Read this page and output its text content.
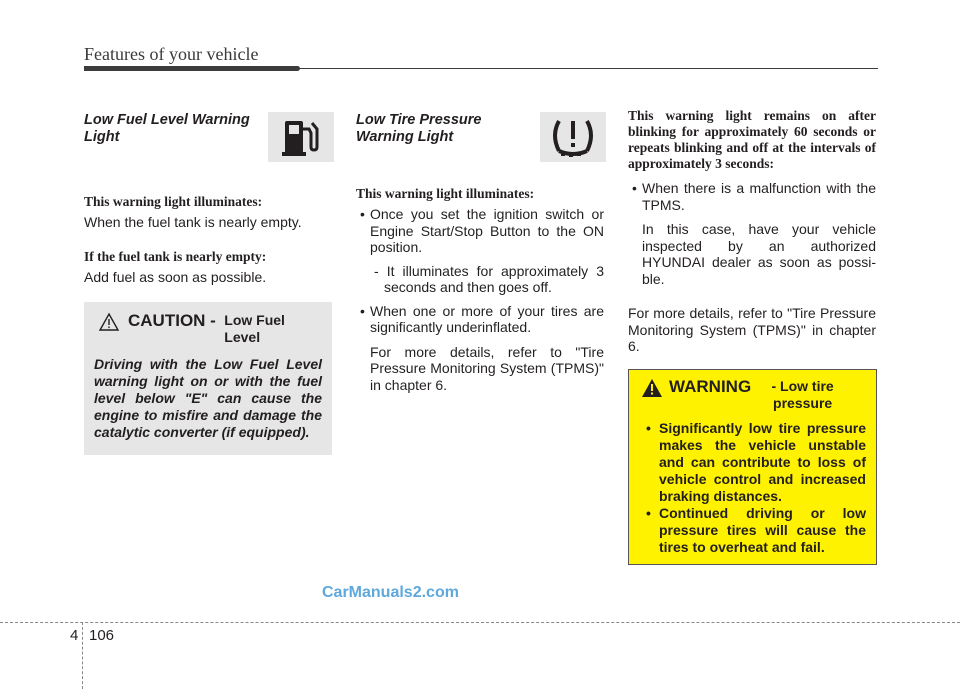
Features of your vehicle

Low Fuel Level Warning Light

This warning light illuminates:

When the fuel tank is nearly empty.

If the fuel tank is nearly empty:

Add fuel as soon as possible.

CAUTION - Low Fuel Level

Driving with the Low Fuel Level warning light on or with the fuel level below "E" can cause the engine to misfire and damage the catalytic converter (if equipped).

Low Tire Pressure Warning Light

This warning light illuminates:

• Once you set the ignition switch or Engine Start/Stop Button to the ON position.

- It illuminates for approximately 3 seconds and then goes off.

• When one or more of your tires are significantly underinflated.

For more details, refer to "Tire Pressure Monitoring System (TPMS)" in chapter 6.

This warning light remains on after blinking for approximately 60 seconds or repeats blinking and off at the intervals of approximately 3 seconds:

• When there is a malfunction with the TPMS.

In this case, have your vehicle inspected by an authorized HYUNDAI dealer as soon as possi-ble.

For more details, refer to "Tire Pressure Monitoring System (TPMS)" in chapter 6.

WARNING - Low tire pressure
• Significantly low tire pressure makes the vehicle unstable and can contribute to loss of vehicle control and increased braking distances.
• Continued driving or low pressure tires will cause the tires to overheat and fail.
CarManuals2.com
4 106
